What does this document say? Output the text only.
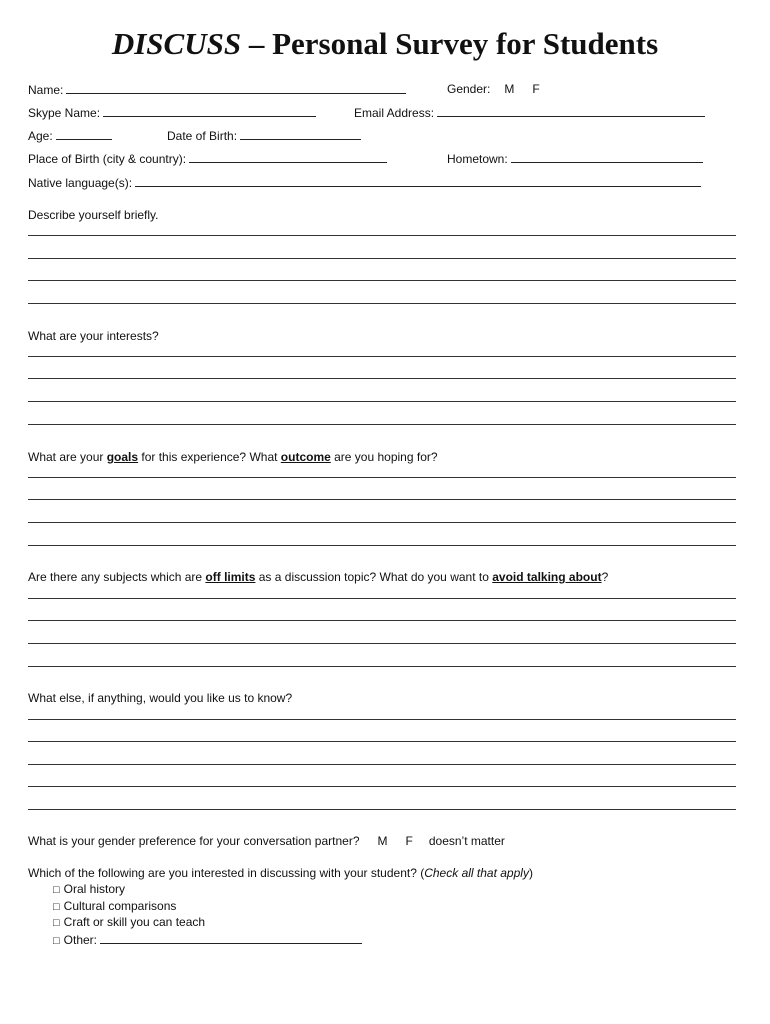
DISCUSS – Personal Survey for Students
Name:	Gender: M F
Skype Name:	Email Address:
Age:	Date of Birth:
Place of Birth (city & country):	Hometown:
Native language(s):
Describe yourself briefly.
What are your interests?
What are your goals for this experience? What outcome are you hoping for?
Are there any subjects which are off limits as a discussion topic? What do you want to avoid talking about?
What else, if anything, would you like us to know?
What is your gender preference for your conversation partner? M F doesn’t matter
Which of the following are you interested in discussing with your student? (Check all that apply)
□ Oral history
□ Cultural comparisons
□ Craft or skill you can teach
□ Other:
